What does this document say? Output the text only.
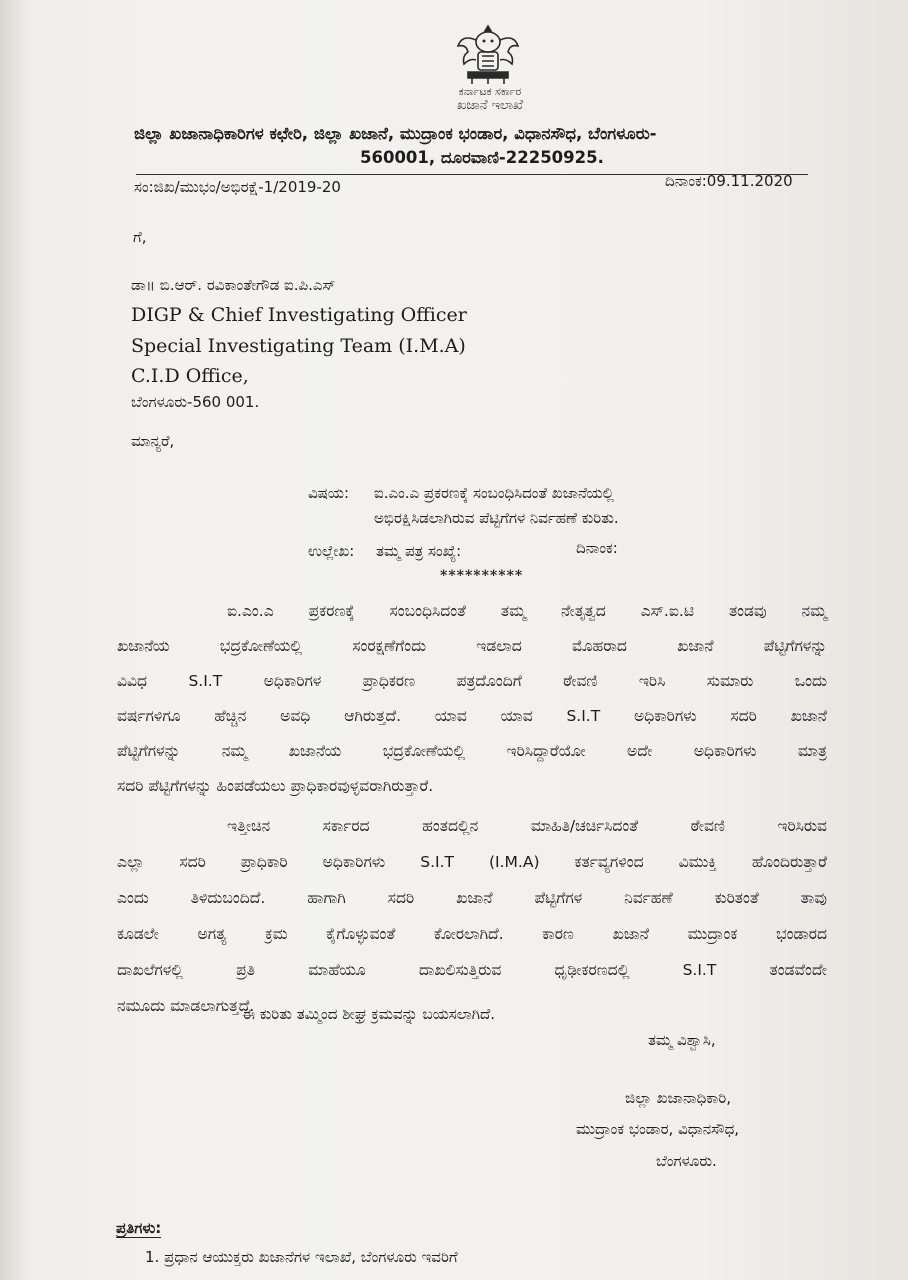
ಕರ್ನಾಟಕ ಸರ್ಕಾರ
ಖಜಾನೆ ಇಲಾಖೆ
ಜಿಲ್ಲಾ ಖಜಾನಾಧಿಕಾರಿಗಳ ಕಛೇರಿ, ಜಿಲ್ಲಾ ಖಜಾನೆ, ಮುದ್ರಾಂಕ ಭಂಡಾರ, ವಿಧಾನಸೌಧ, ಬೆಂಗಳೂರು-
560001, ದೂರವಾಣಿ-22250925.
ಸಂ:ಜಿಖ/ಮುಭಂ/ಅಭಿರಕ್ಷೆ-1/2019-20	ದಿನಾಂಕ:09.11.2020
ಗೆ,
ಡಾ॥ ಬಿ.ಆರ್. ರವಿಕಾಂತೇಗೌಡ ಐ.ಪಿ.ಎಸ್
DIGP & Chief Investigating Officer
Special Investigating Team (I.M.A)
C.I.D Office,
ಬೆಂಗಳೂರು-560 001.
ಮಾನ್ಯರೆ,
ವಿಷಯ: ಐ.ಎಂ.ಎ ಪ್ರಕರಣಕ್ಕೆ ಸಂಬಂಧಿಸಿದಂತೆ ಖಜಾನೆಯಲ್ಲಿ
ಅಭಿರಕ್ಷಿಸಿಡಲಾಗಿರುವ ಪೆಟ್ಟಿಗೆಗಳ ನಿರ್ವಹಣೆ ಕುರಿತು.
ಉಲ್ಲೇಖ: ತಮ್ಮ ಪತ್ರ ಸಂಖ್ಯೆ:	ದಿನಾಂಕ:
**********
ಐ.ಎಂ.ಎ ಪ್ರಕರಣಕ್ಕೆ ಸಂಬಂಧಿಸಿದಂತೆ ತಮ್ಮ ನೇತೃತ್ವದ ಎಸ್.ಐ.ಟಿ ತಂಡವು ನಮ್ಮ
ಖಜಾನೆಯ ಭದ್ರಕೋಣೆಯಲ್ಲಿ ಸಂರಕ್ಷಣೆಗೆಂದು ಇಡಲಾದ ಮೊಹರಾದ ಖಜಾನೆ ಪೆಟ್ಟಿಗೆಗಳನ್ನು
ವಿವಿಧ S.I.T ಅಧಿಕಾರಿಗಳ ಪ್ರಾಧಿಕರಣ ಪತ್ರದೊಂದಿಗೆ ಠೇವಣಿ ಇರಿಸಿ ಸುಮಾರು ಒಂದು
ವರ್ಷಗಳಿಗೂ ಹೆಚ್ಚಿನ ಅವಧಿ ಆಗಿರುತ್ತದೆ. ಯಾವ ಯಾವ S.I.T ಅಧಿಕಾರಿಗಳು ಸದರಿ ಖಜಾನೆ
ಪೆಟ್ಟಿಗೆಗಳನ್ನು ನಮ್ಮ ಖಜಾನೆಯ ಭದ್ರಕೋಣೆಯಲ್ಲಿ ಇರಿಸಿದ್ದಾರೆಯೋ ಅದೇ ಅಧಿಕಾರಿಗಳು ಮಾತ್ರ
ಸದರಿ ಪೆಟ್ಟಿಗೆಗಳನ್ನು ಹಿಂಪಡೆಯಲು ಪ್ರಾಧಿಕಾರವುಳ್ಳವರಾಗಿರುತ್ತಾರೆ.
ಇತ್ತೀಚಿನ ಸರ್ಕಾರದ ಹಂತದಲ್ಲಿನ ಮಾಹಿತಿ/ಚರ್ಚಿಸಿದಂತೆ ಠೇವಣಿ ಇರಿಸಿರುವ
ಎಲ್ಲಾ ಸದರಿ ಪ್ರಾಧಿಕಾರಿ ಅಧಿಕಾರಿಗಳು S.I.T (I.M.A) ಕರ್ತವ್ಯಗಳಿಂದ ವಿಮುಕ್ತಿ ಹೊಂದಿರುತ್ತಾರೆ
ಎಂದು ತಿಳಿದುಬಂದಿದೆ. ಹಾಗಾಗಿ ಸದರಿ ಖಜಾನೆ ಪೆಟ್ಟಿಗೆಗಳ ನಿರ್ವಹಣೆ ಕುರಿತಂತೆ ತಾವು
ಕೂಡಲೇ ಅಗತ್ಯ ಕ್ರಮ ಕೈಗೊಳ್ಳುವಂತೆ ಕೋರಲಾಗಿದೆ. ಕಾರಣ ಖಜಾನೆ ಮುದ್ರಾಂಕ ಭಂಡಾರದ
ದಾಖಲೆಗಳಲ್ಲಿ ಪ್ರತಿ ಮಾಹೆಯೂ ದಾಖಲಿಸುತ್ತಿರುವ ಧೃಢೀಕರಣದಲ್ಲಿ S.I.T ತಂಡವೆಂದೇ
ನಮೂದು ಮಾಡಲಾಗುತ್ತದೆ.
ಈ ಕುರಿತು ತಮ್ಮಿಂದ ಶೀಘ್ರ ಕ್ರಮವನ್ನು ಬಯಸಲಾಗಿದೆ.
ತಮ್ಮ ವಿಶ್ವಾಸಿ,
ಜಿಲ್ಲಾ ಖಜಾನಾಧಿಕಾರಿ,
ಮುದ್ರಾಂಕ ಭಂಡಾರ, ವಿಧಾನಸೌಧ,
ಬೆಂಗಳೂರು.
ಪ್ರತಿಗಳು:
1. ಪ್ರಧಾನ ಆಯುಕ್ತರು ಖಜಾನೆಗಳ ಇಲಾಖೆ, ಬೆಂಗಳೂರು ಇವರಿಗೆ
